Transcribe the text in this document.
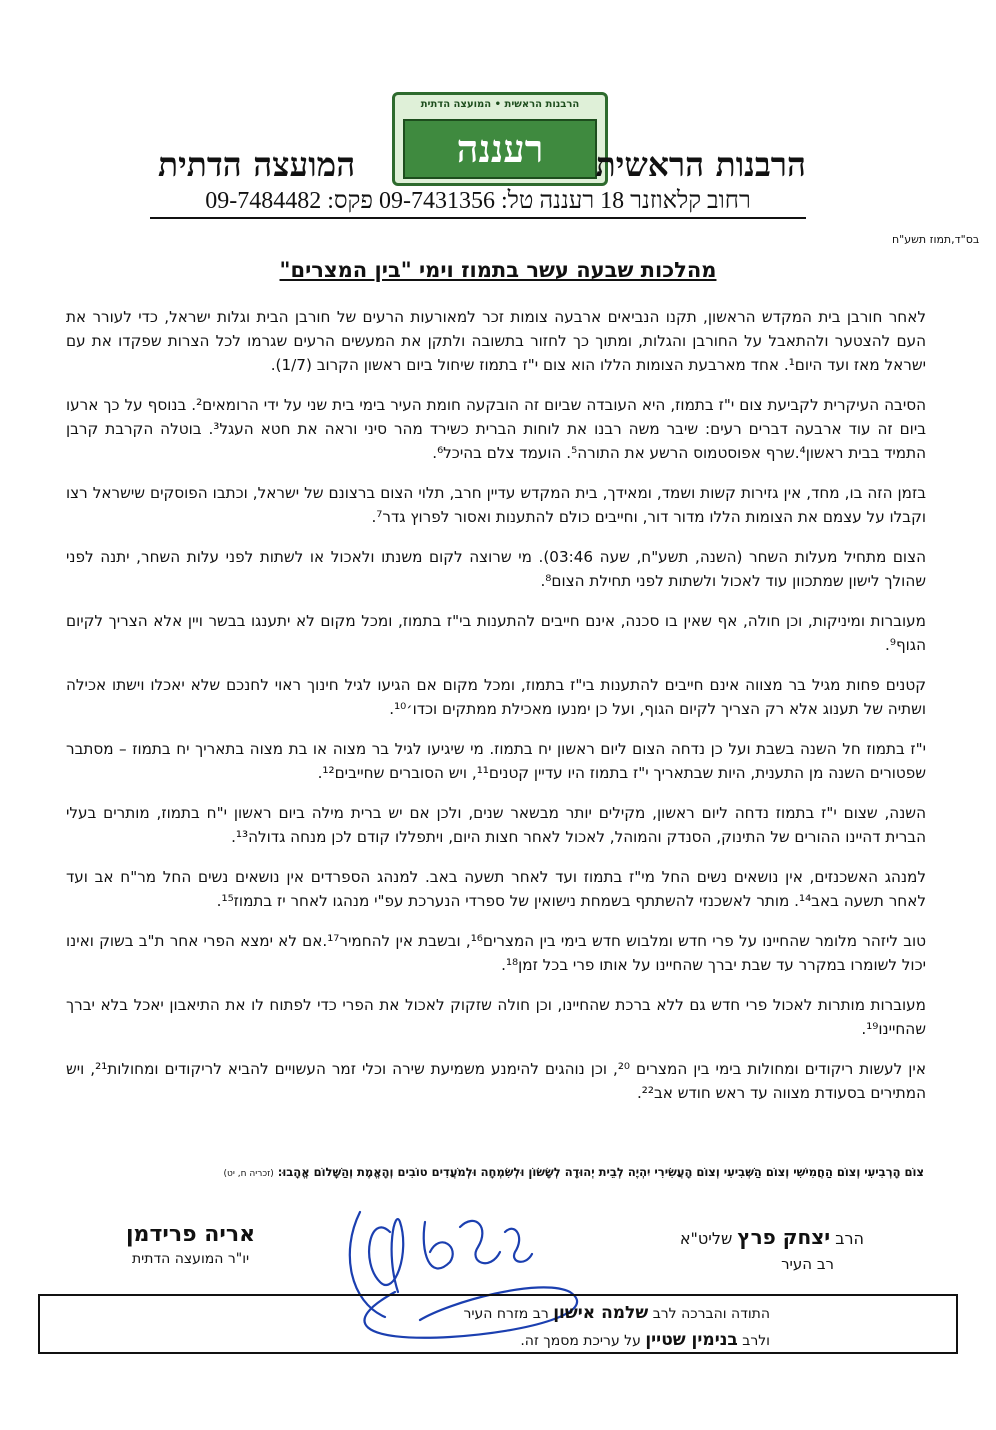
הרבנות הראשית • המועצה הדתית
רעננה	הרבנות הראשית
המועצה הדתית
רחוב קלאוזנר 18 רעננה טל: 09-7431356 פקס: 09-7484482
בס"ד,תמוז תשע"ח
מהלכות שבעה עשר בתמוז וימי "בין המצרים"

לאחר חורבן בית המקדש הראשון, תקנו הנביאים ארבעה צומות זכר למאורעות הרעים של חורבן הבית וגלות ישראל, כדי לעורר את העם להצטער ולהתאבל על החורבן והגלות, ומתוך כך לחזור בתשובה ולתקן את המעשים הרעים שגרמו לכל הצרות שפקדו את עם ישראל מאז ועד היום¹. אחד מארבעת הצומות הללו הוא צום י"ז בתמוז שיחול ביום ראשון הקרוב (1/7).

הסיבה העיקרית לקביעת צום י"ז בתמוז, היא העובדה שביום זה הובקעה חומת העיר בימי בית שני על ידי הרומאים². בנוסף על כך ארעו ביום זה עוד ארבעה דברים רעים: שיבר משה רבנו את לוחות הברית כשירד מהר סיני וראה את חטא העגל³. בוטלה הקרבת קרבן התמיד בבית ראשון⁴.שרף אפוסטמוס הרשע את התורה⁵. הועמד צלם בהיכל⁶.

בזמן הזה בו, מחד, אין גזירות קשות ושמד, ומאידך, בית המקדש עדיין חרב, תלוי הצום ברצונם של ישראל, וכתבו הפוסקים שישראל רצו וקבלו על עצמם את הצומות הללו מדור דור, וחייבים כולם להתענות ואסור לפרוץ גדר⁷.

הצום מתחיל מעלות השחר (השנה, תשע"ח, שעה 03:46). מי שרוצה לקום משנתו ולאכול או לשתות לפני עלות השחר, יתנה לפני שהולך לישון שמתכוון עוד לאכול ולשתות לפני תחילת הצום⁸.

מעוברות ומיניקות, וכן חולה, אף שאין בו סכנה, אינם חייבים להתענות בי"ז בתמוז, ומכל מקום לא יתענגו בבשר ויין אלא הצריך לקיום הגוף⁹.

קטנים פחות מגיל בר מצווה אינם חייבים להתענות בי"ז בתמוז, ומכל מקום אם הגיעו לגיל חינוך ראוי לחנכם שלא יאכלו וישתו אכילה ושתיה של תענוג אלא רק הצריך לקיום הגוף, ועל כן ימנעו מאכילת ממתקים וכדו׳¹⁰.

י"ז בתמוז חל השנה בשבת ועל כן נדחה הצום ליום ראשון יח בתמוז. מי שיגיעו לגיל בר מצוה או בת מצוה בתאריך יח בתמוז – מסתבר שפטורים השנה מן התענית, היות שבתאריך י"ז בתמוז היו עדיין קטנים¹¹, ויש הסוברים שחייבים¹².

השנה, שצום י"ז בתמוז נדחה ליום ראשון, מקילים יותר מבשאר שנים, ולכן אם יש ברית מילה ביום ראשון י"ח בתמוז, מותרים בעלי הברית דהיינו ההורים של התינוק, הסנדק והמוהל, לאכול לאחר חצות היום, ויתפללו קודם לכן מנחה גדולה¹³.

למנהג האשכנזים, אין נושאים נשים החל מי"ז בתמוז ועד לאחר תשעה באב. למנהג הספרדים אין נושאים נשים החל מר"ח אב ועד לאחר תשעה באב¹⁴. מותר לאשכנזי להשתתף בשמחת נישואין של ספרדי הנערכת עפ"י מנהגו לאחר יז בתמוז¹⁵.

טוב ליזהר מלומר שהחיינו על פרי חדש ומלבוש חדש בימי בין המצרים¹⁶, ובשבת אין להחמיר¹⁷.אם לא ימצא הפרי אחר ת"ב בשוק ואינו יכול לשומרו במקרר עד שבת יברך שהחיינו על אותו פרי בכל זמן¹⁸.

מעוברות מותרות לאכול פרי חדש גם ללא ברכת שהחיינו, וכן חולה שזקוק לאכול את הפרי כדי לפתוח לו את התיאבון יאכל בלא יברך שהחיינו¹⁹.

אין לעשות ריקודים ומחולות בימי בין המצרים ²⁰, וכן נוהגים להימנע משמיעת שירה וכלי זמר העשויים להביא לריקודים ומחולות²¹, ויש המתירים בסעודת מצווה עד ראש חודש אב²².

צוֹם הָרְבִיעִי וְצוֹם הַחֲמִישִׁי וְצוֹם הַשְּׁבִיעִי וְצוֹם הָעֲשִׂירִי יִהְיֶה לְבֵית יְהוּדָה לְשָׂשׂוֹן וּלְשִׂמְחָה וּלְמֹעֲדִים טוֹבִים וְהָאֱמֶת וְהַשָּׁלוֹם אֱהָבוּ: (זכריה ח, יט)
הרב יצחק פרץ שליט"א
רב העיר
אריה פרידמן
יו"ר המועצה הדתית
התודה והברכה לרב שלמה אישון רב מזרח העיר
ולרב בנימין שטיין על עריכת מסמך זה.
